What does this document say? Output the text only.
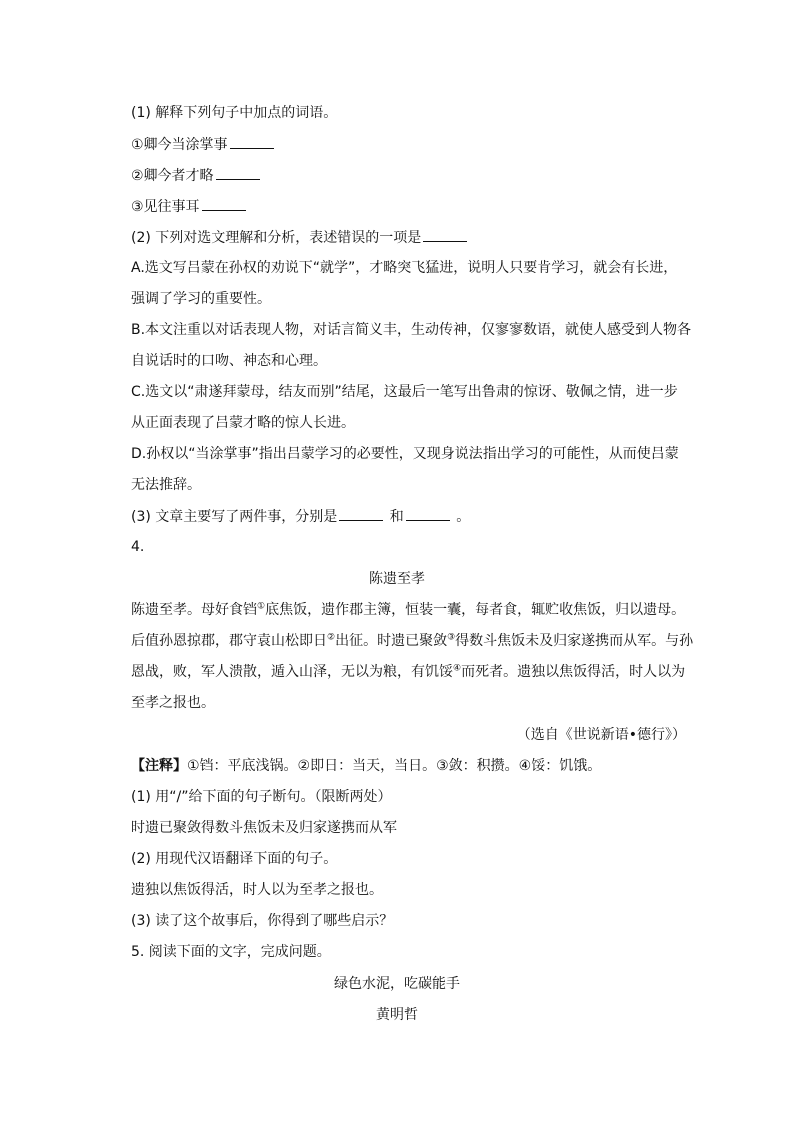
(1) 解释下列句子中加点的词语。
①卿今当涂掌事
②卿今者才略
③见往事耳
(2) 下列对选文理解和分析，表述错误的一项是
A.选文写吕蒙在孙权的劝说下“就学”，才略突飞猛进，说明人只要肯学习，就会有长进，
强调了学习的重要性。
B.本文注重以对话表现人物，对话言简义丰，生动传神，仅寥寥数语，就使人感受到人物各
自说话时的口吻、神态和心理。
C.选文以“肃遂拜蒙母，结友而别”结尾，这最后一笔写出鲁肃的惊讶、敬佩之情，进一步
从正面表现了吕蒙才略的惊人长进。
D.孙权以“当涂掌事”指出吕蒙学习的必要性，又现身说法指出学习的可能性，从而使吕蒙
无法推辞。
(3) 文章主要写了两件事，分别是	和	。
4.
陈遗至孝
陈遗至孝。母好食铛①底焦饭，遗作郡主簿，恒装一囊，每者食，辄贮收焦饭，归以遗母。
后值孙恩掠郡，郡守袁山松即日②出征。时遗已聚敛③得数斗焦饭未及归家遂携而从军。与孙
恩战，败，军人溃散，遁入山泽，无以为粮，有饥馁④而死者。遗独以焦饭得活，时人以为
至孝之报也。
（选自《世说新语•德行》）
【注释】①铛：平底浅锅。②即日：当天，当日。③敛：积攒。④馁：饥饿。
(1) 用“/”给下面的句子断句。（限断两处）
时遗已聚敛得数斗焦饭未及归家遂携而从军
(2) 用现代汉语翻译下面的句子。
遗独以焦饭得活，时人以为至孝之报也。
(3) 读了这个故事后，你得到了哪些启示？
5. 阅读下面的文字，完成问题。
绿色水泥，吃碳能手
黄明哲
